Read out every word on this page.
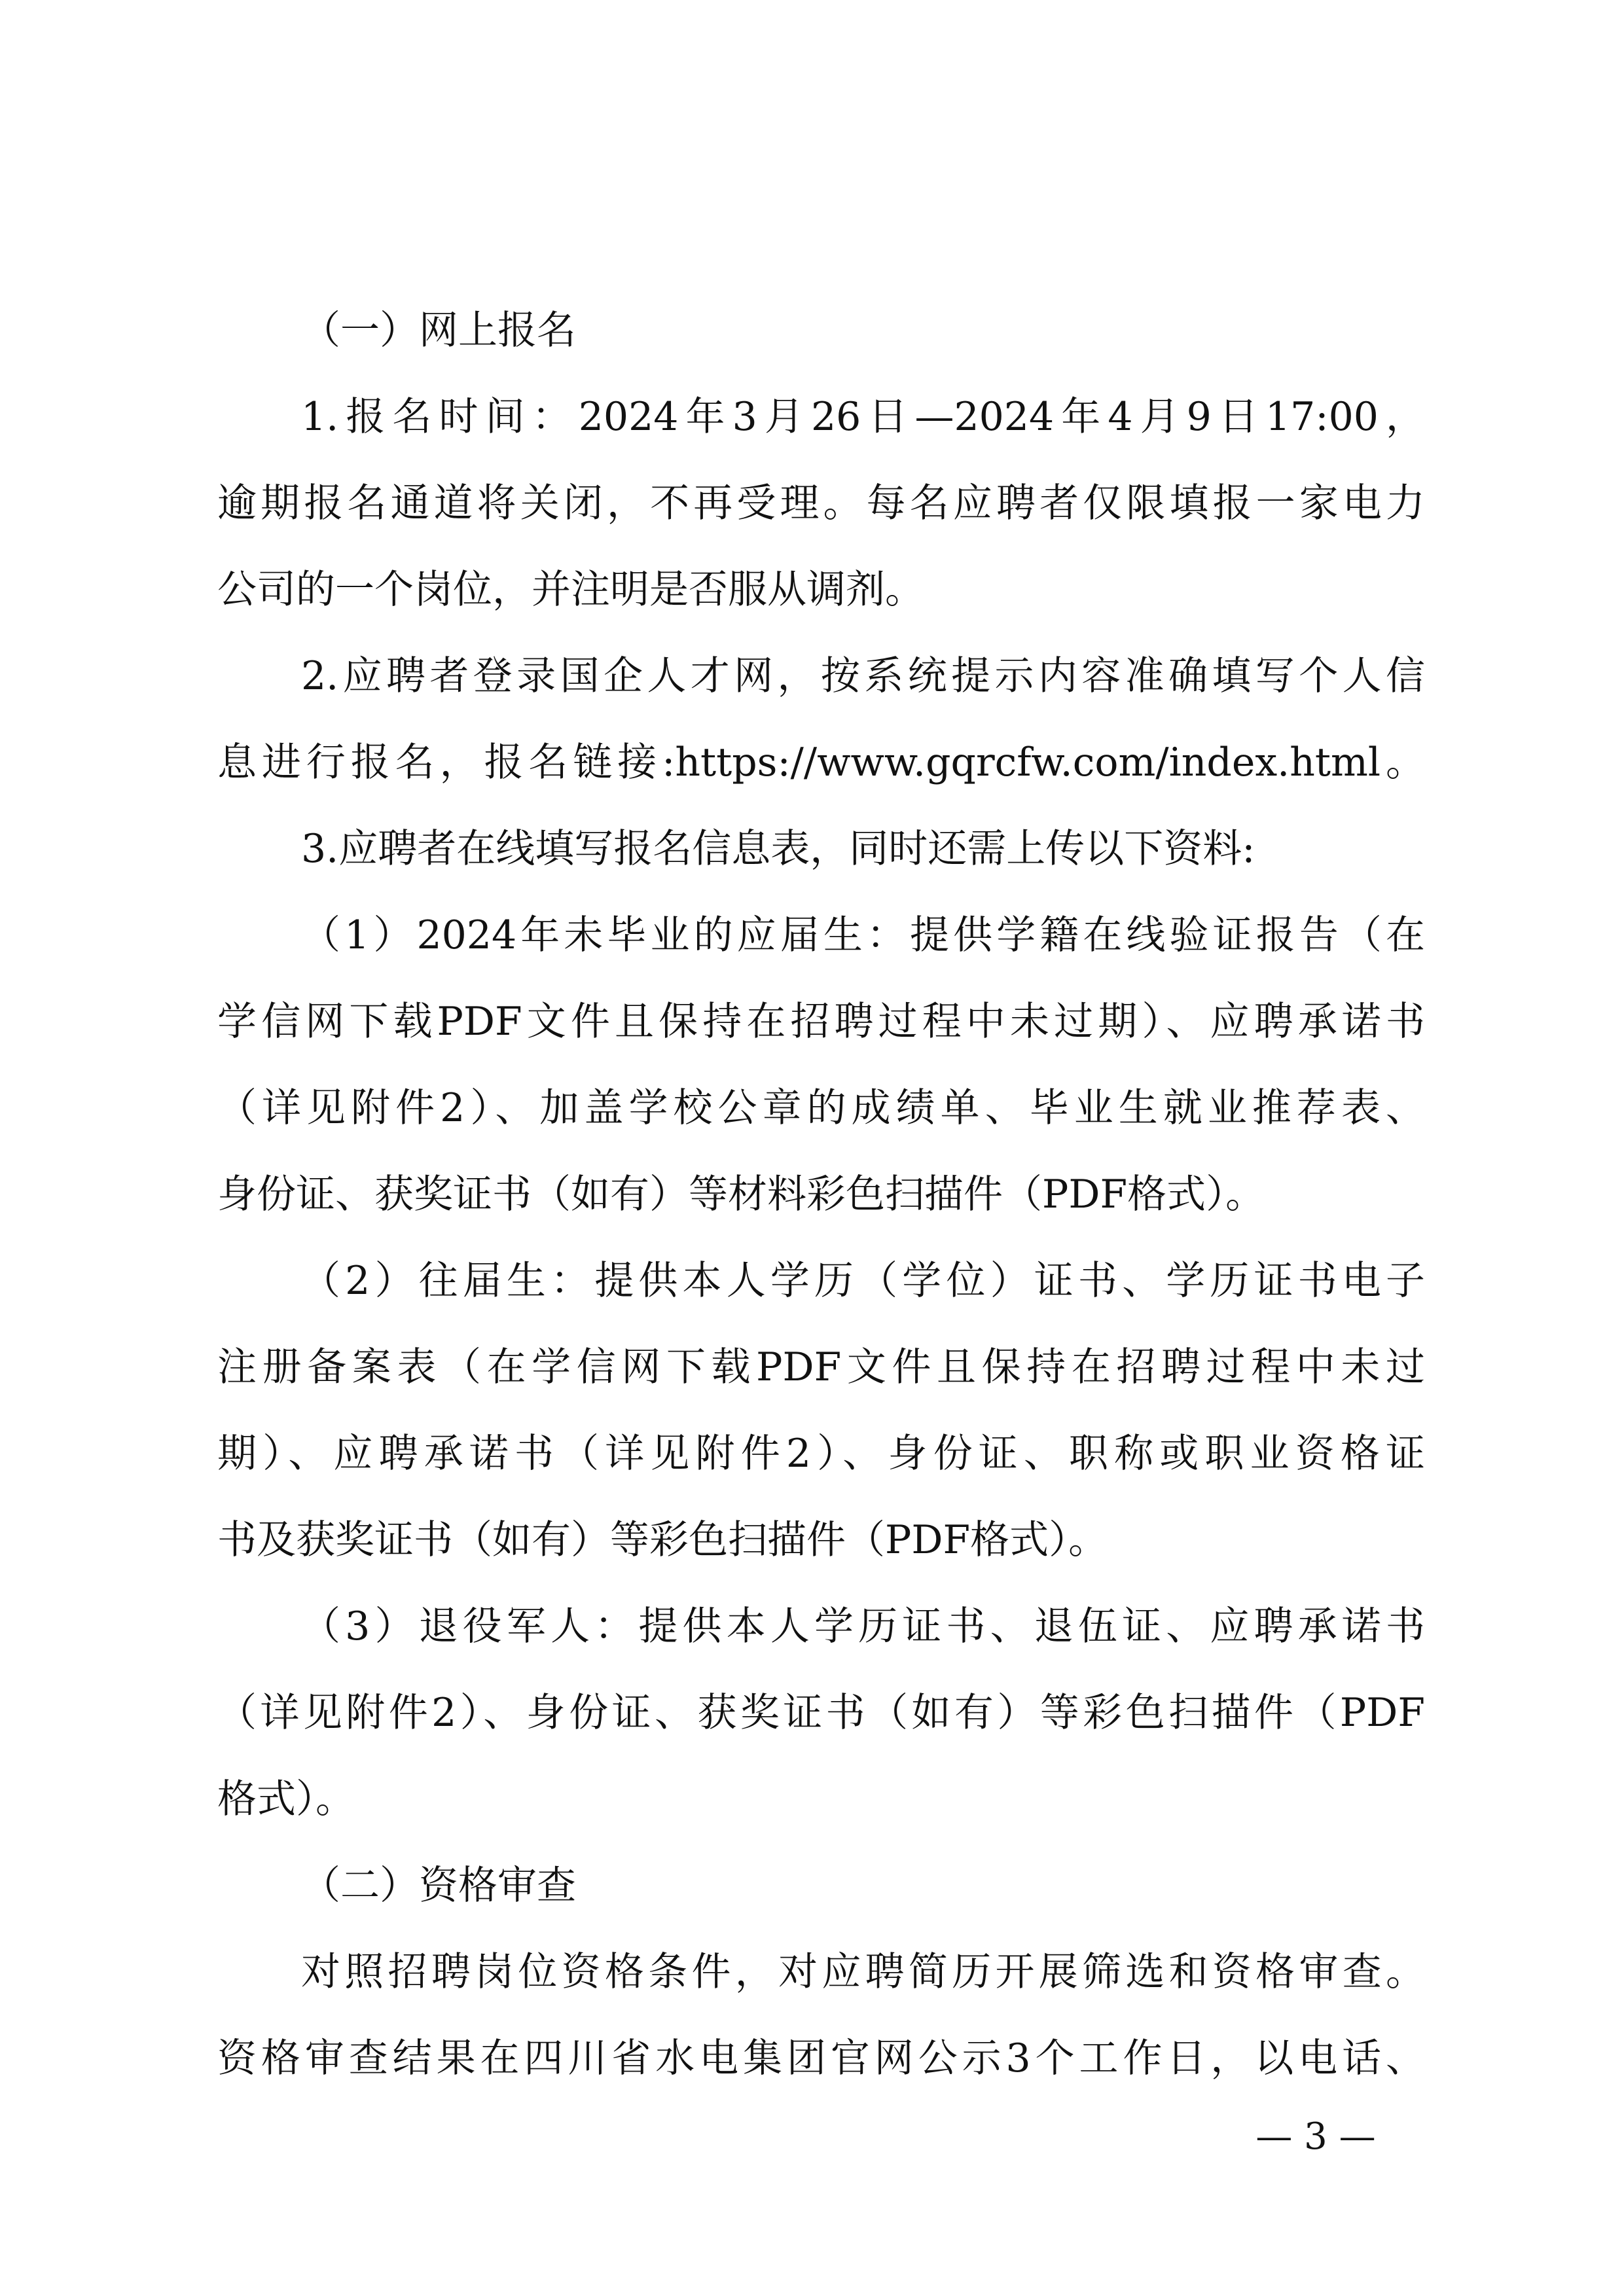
（一）网上报名
1.报名时间：2024年3月26日—2024年4月9日17:00，
逾期报名通道将关闭，不再受理。每名应聘者仅限填报一家电力
公司的一个岗位，并注明是否服从调剂。
2.应聘者登录国企人才网，按系统提示内容准确填写个人信
息进行报名，报名链接:https://www.gqrcfw.com/index.html。
3.应聘者在线填写报名信息表，同时还需上传以下资料:
（1）2024年未毕业的应届生：提供学籍在线验证报告（在
学信网下载PDF文件且保持在招聘过程中未过期）、应聘承诺书
（详见附件2）、加盖学校公章的成绩单、毕业生就业推荐表、
身份证、获奖证书（如有）等材料彩色扫描件（PDF格式）。
（2）往届生：提供本人学历（学位）证书、学历证书电子
注册备案表（在学信网下载PDF文件且保持在招聘过程中未过
期）、应聘承诺书（详见附件2）、身份证、职称或职业资格证
书及获奖证书（如有）等彩色扫描件（PDF格式）。
（3）退役军人：提供本人学历证书、退伍证、应聘承诺书
（详见附件2）、身份证、获奖证书（如有）等彩色扫描件（PDF
格式）。
（二）资格审查
对照招聘岗位资格条件，对应聘简历开展筛选和资格审查。
资格审查结果在四川省水电集团官网公示3个工作日，以电话、
— 3 —
